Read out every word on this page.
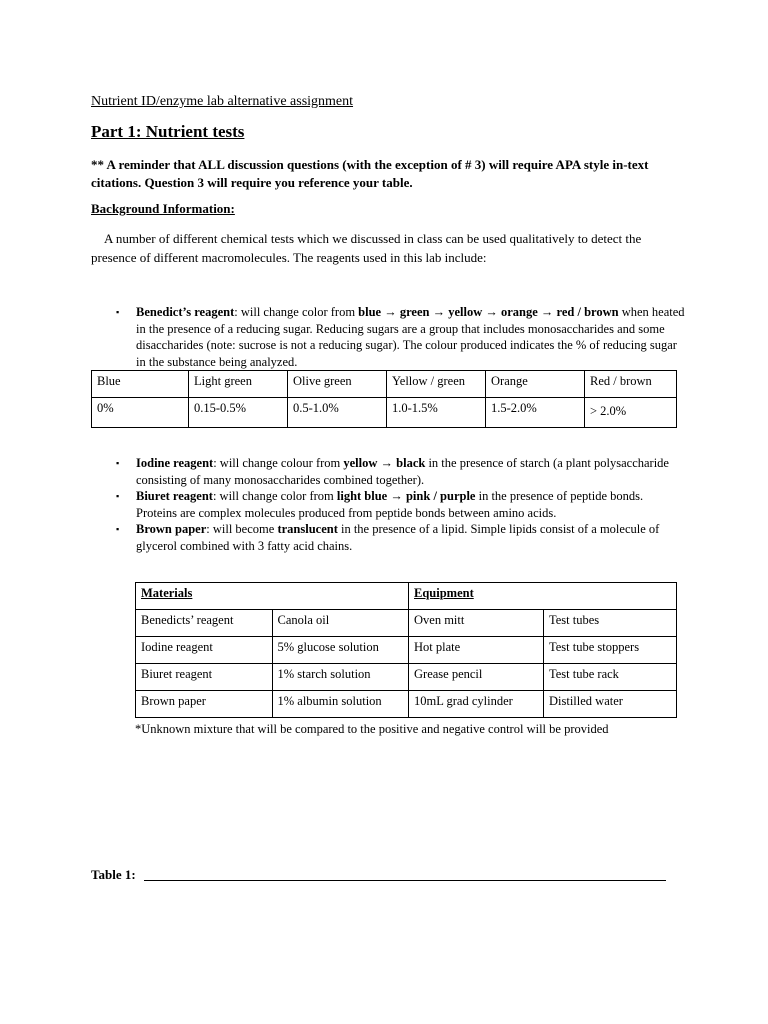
Nutrient ID/enzyme lab alternative assignment
Part 1: Nutrient tests
** A reminder that ALL discussion questions (with the exception of # 3) will require APA style in-text citations. Question 3 will require you reference your table.
Background Information:
A number of different chemical tests which we discussed in class can be used qualitatively to detect the presence of different macromolecules. The reagents used in this lab include:
▪ Benedict’s reagent: will change color from blue → green → yellow → orange → red / brown when heated in the presence of a reducing sugar. Reducing sugars are a group that includes monosaccharides and some disaccharides (note: sucrose is not a reducing sugar). The colour produced indicates the % of reducing sugar in the substance being analyzed.
Blue	Light green	Olive green	Yellow / green	Orange	Red / brown
0%	0.15-0.5%	0.5-1.0%	1.0-1.5%	1.5-2.0%	> 2.0%
▪ Iodine reagent: will change colour from yellow → black in the presence of starch (a plant polysaccharide consisting of many monosaccharides combined together).
▪ Biuret reagent: will change color from light blue → pink / purple in the presence of peptide bonds. Proteins are complex molecules produced from peptide bonds between amino acids.
▪ Brown paper: will become translucent in the presence of a lipid. Simple lipids consist of a molecule of glycerol combined with 3 fatty acid chains.
Materials		Equipment	
Benedicts’ reagent	Canola oil	Oven mitt	Test tubes
Iodine reagent	5% glucose solution	Hot plate	Test tube stoppers
Biuret reagent	1% starch solution	Grease pencil	Test tube rack
Brown paper	1% albumin solution	10mL grad cylinder	Distilled water
*Unknown mixture that will be compared to the positive and negative control will be provided
Table 1:
